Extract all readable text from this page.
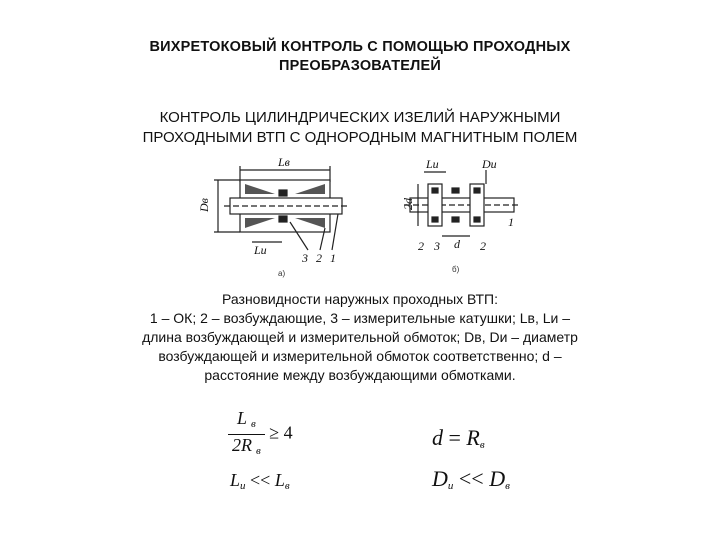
ВИХРЕТОКОВЫЙ КОНТРОЛЬ С ПОМОЩЬЮ ПРОХОДНЫХ
ПРЕОБРАЗОВАТЕЛЕЙ
КОНТРОЛЬ ЦИЛИНДРИЧЕСКИХ ИЗЕЛИЙ НАРУЖНЫМИ
ПРОХОДНЫМИ ВТП С ОДНОРОДНЫМ МАГНИТНЫМ ПОЛЕМ
Lв
Dв
Lu
3 2 1
а)
Lи	Dи
2d
1
2 3 d 2
б)
Разновидности наружных проходных ВТП:
1 – ОК; 2 – возбуждающие, 3 – измерительные катушки; Lв, Lи –
длина возбуждающей и измерительной обмоток; Dв, Dи – диаметр
возбуждающей и измерительной обмоток соответственно; d –
расстояние между возбуждающими обмотками.
$\frac{L _в}{2R _в} \ge 4$
$L_и << L_в$
$d = R_в$
$D_и << D_в$
